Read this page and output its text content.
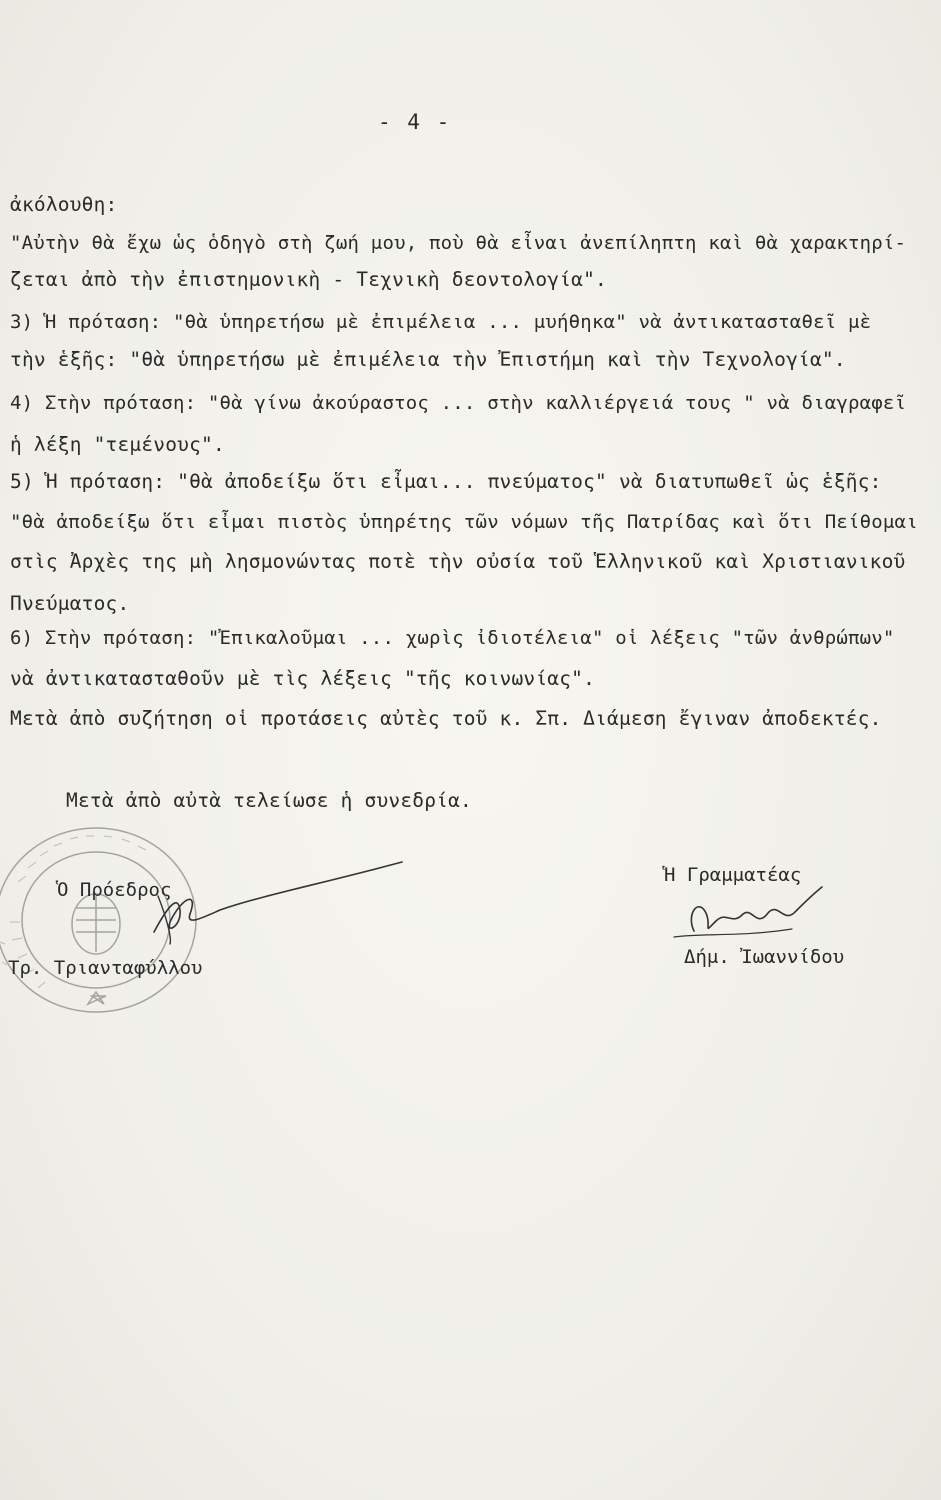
- 4 -
ἀκόλουθη:
"Αὐτὴν θὰ ἔχω ὡς ὁδηγὸ στὴ ζωή μου, ποὺ θὰ εἶναι ἀνεπίληπτη καὶ θὰ χαρακτηρί-
ζεται ἀπὸ τὴν ἐπιστημονικὴ - Τεχνικὴ δεοντολογία".
3) Ἡ πρόταση: "θὰ ὑπηρετήσω μὲ ἐπιμέλεια ... μυήθηκα" νὰ ἀντικατασταθεῖ μὲ
τὴν ἑξῆς: "θὰ ὑπηρετήσω μὲ ἐπιμέλεια τὴν Ἐπιστήμη καὶ τὴν Τεχνολογία".
4) Στὴν πρόταση: "θὰ γίνω ἀκούραστος ... στὴν καλλιέργειά τους " νὰ διαγραφεῖ
ἡ λέξη "τεμένους".
5) Ἡ πρόταση: "θὰ ἀποδείξω ὅτι εἶμαι... πνεύματος" νὰ διατυπωθεῖ ὡς ἑξῆς:
"θὰ ἀποδείξω ὅτι εἶμαι πιστὸς ὑπηρέτης τῶν νόμων τῆς Πατρίδας καὶ ὅτι Πείθομαι
στὶς Ἀρχὲς της μὴ λησμονώντας ποτὲ τὴν οὐσία τοῦ Ἑλληνικοῦ καὶ Χριστιανικοῦ
Πνεύματος.
6) Στὴν πρόταση: "Ἐπικαλοῦμαι ... χωρὶς ἰδιοτέλεια" οἱ λέξεις "τῶν ἀνθρώπων"
νὰ ἀντικατασταθοῦν μὲ τὶς λέξεις "τῆς κοινωνίας".
Μετὰ ἀπὸ συζήτηση οἱ προτάσεις αὐτὲς τοῦ κ. Σπ. Διάμεση ἔγιναν ἀποδεκτές.
Μετὰ ἀπὸ αὐτὰ τελείωσε ἡ συνεδρία.
Ὁ Πρόεδρος
Τρ. Τριανταφύλλου
Ἡ Γραμματέας
Δήμ. Ἰωαννίδου
